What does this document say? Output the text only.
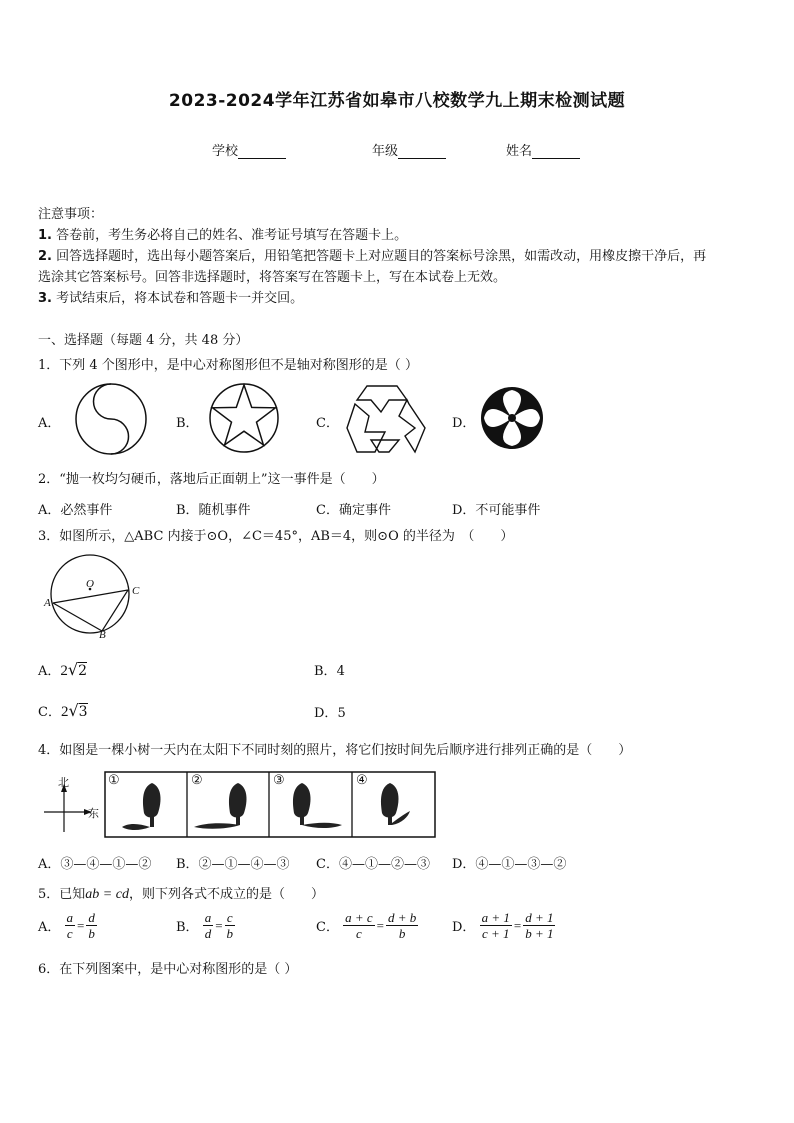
2023-2024学年江苏省如皋市八校数学九上期末检测试题
学校	年级	姓名
注意事项：
1. 答卷前，考生务必将自己的姓名、准考证号填写在答题卡上。
2. 回答选择题时，选出每小题答案后，用铅笔把答题卡上对应题目的答案标号涂黑，如需改动，用橡皮擦干净后，再
选涂其它答案标号。回答非选择题时，将答案写在答题卡上，写在本试卷上无效。
3. 考试结束后，将本试卷和答题卡一并交回。
一、选择题（每题 4 分，共 48 分）
1．下列 4 个图形中，是中心对称图形但不是轴对称图形的是（ ）
A．	B．	C．	D．
2．“抛一枚均匀硬币，落地后正面朝上”这一事件是（　　）
A．必然事件	B．随机事件	C．确定事件	D．不可能事件
3．如图所示，△ABC 内接于⊙O，∠C＝45°，AB＝4，则⊙O 的半径为　（　　）
O
A
C
B
A．2√2	B．4
C．2√3	D．5
4．如图是一棵小树一天内在太阳下不同时刻的照片，将它们按时间先后顺序进行排列正确的是（　　）
北
东
①	②	③	④
A．③—④—①—② B．②—①—④—③ C．④—①—②—③ D．④—①—③—②
5．已知ab = cd，则下列各式不成立的是（　　）
A． $\frac{a}{c} = \frac{d}{b}$	B． $\frac{a}{d} = \frac{c}{b}$	C． $\frac{a + c}{c} = \frac{d + b}{b}$	D． $\frac{a + 1}{c + 1} = \frac{d + 1}{b + 1}$
6．在下列图案中，是中心对称图形的是（ ）
